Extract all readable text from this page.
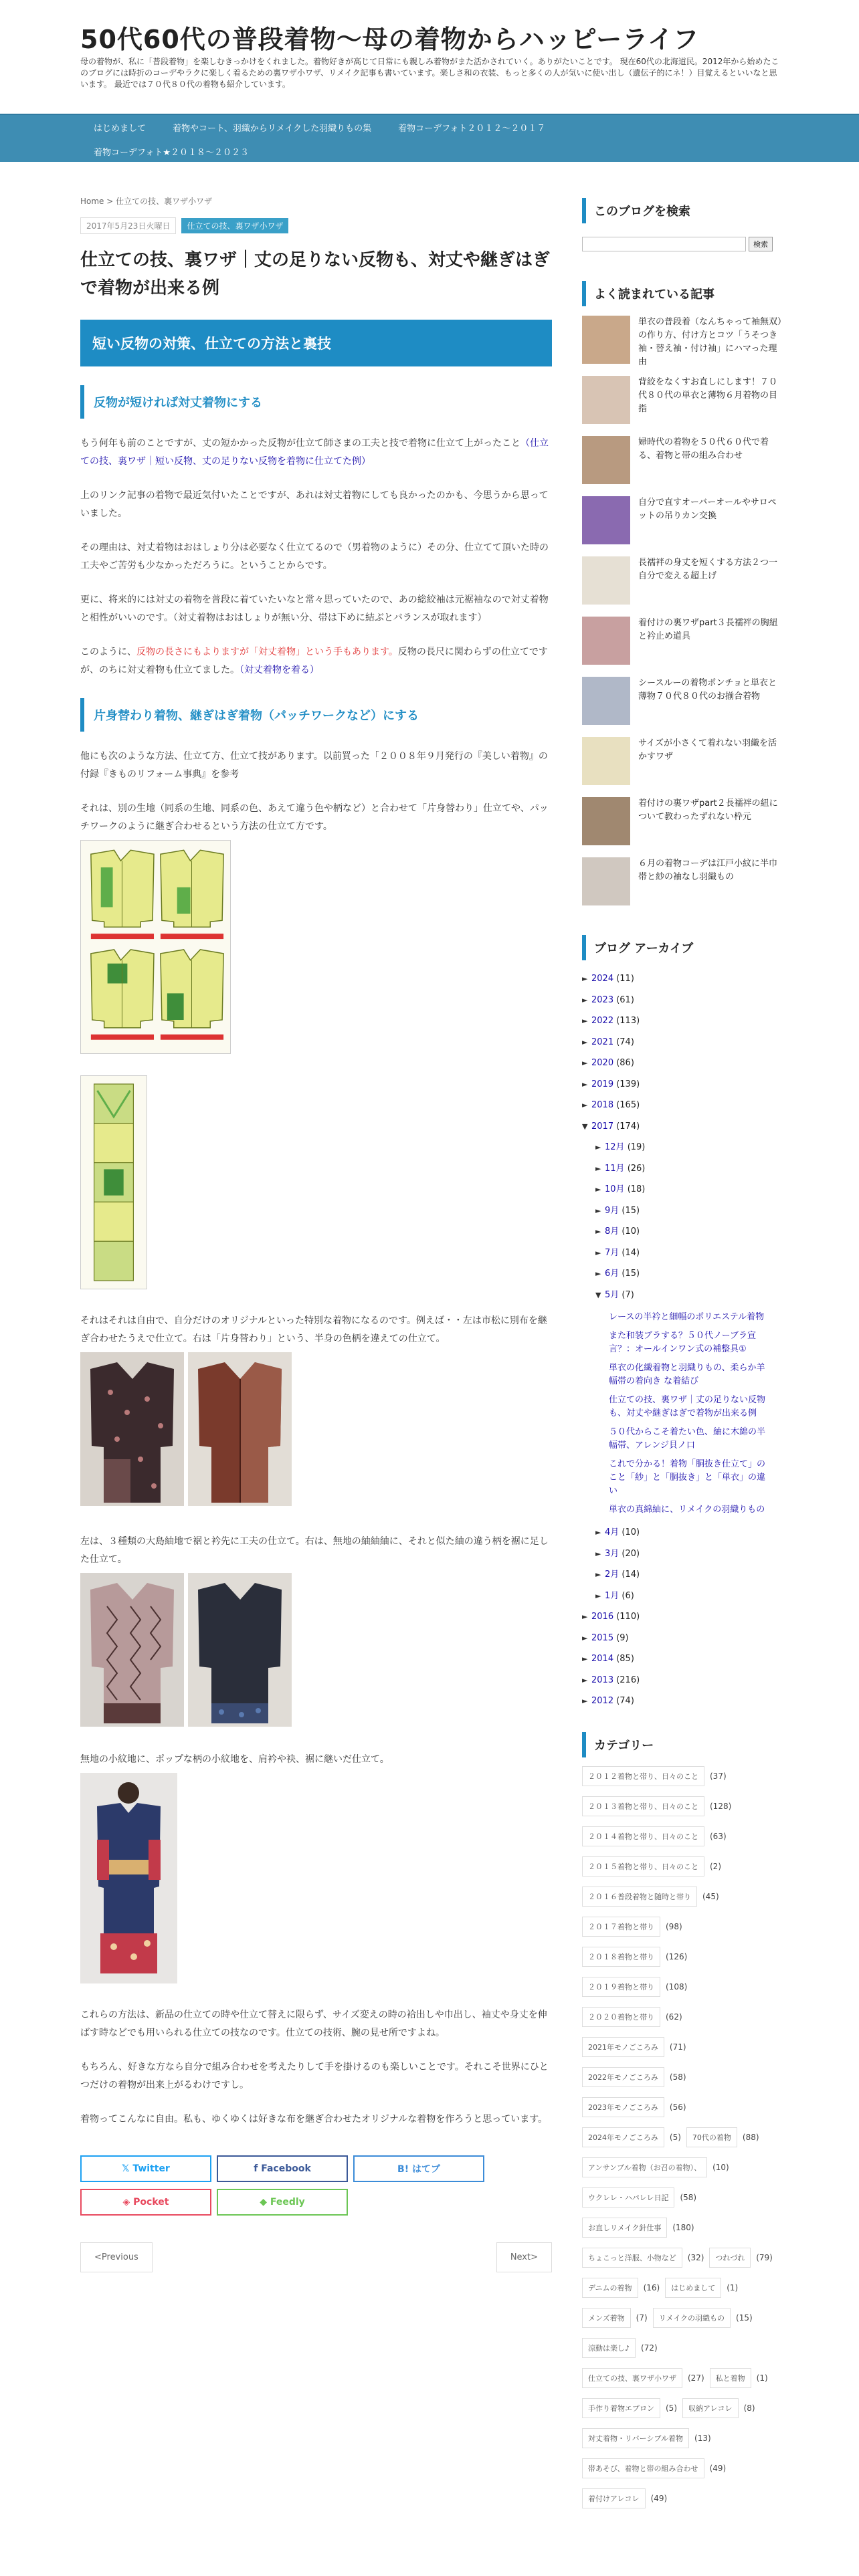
50代60代の普段着物〜母の着物からハッピーライフ
母の着物が、私に「普段着物」を楽しむきっかけをくれました。着物好きが高じて日常にも親しみ着物がまた活かされていく。ありがたいことです。 現在60代の北海道民。2012年から始めたこのブログには時折のコーデやラクに楽しく着るための裏ワザ小ワザ、リメイク記事も書いています。楽しさ和の衣装、もっと多くの人が気いに使い出し（遺伝子的にネ！）目覚えるといいなと思います。 最近では７０代８０代の着物も紹介しています。
はじめまして	着物やコート、羽織からリメイクした羽織りもの集	着物コーデフォト２０１２〜２０１７
着物コーデフォト★２０１８〜２０２３
Home > 仕立ての技、裏ワザ小ワザ
2017年5月23日火曜日	仕立ての技、裏ワザ小ワザ
仕立ての技、裏ワザ｜丈の足りない反物も、対丈や継ぎはぎで着物が出来る例
短い反物の対策、仕立ての方法と裏技
反物が短ければ対丈着物にする

もう何年も前のことですが、丈の短かかった反物が仕立て師さまの工夫と技で着物に仕立て上がったこと（仕立ての技、裏ワザ｜短い反物、丈の足りない反物を着物に仕立てた例）

上のリンク記事の着物で最近気付いたことですが、あれは対丈着物にしても良かったのかも、今思うから思っていました。

その理由は、対丈着物はおはしょり分は必要なく仕立てるので（男着物のように）その分、仕立てて頂いた時の工夫やご苦労も少なかっただろうに。ということからです。

更に、将来的には対丈の着物を普段に着ていたいなと常々思っていたので、あの総絞袖は元裾袖なので対丈着物と相性がいいのです。（対丈着物はおはしょりが無い分、帯は下めに結ぶとバランスが取れます）

このように、反物の長さにもよりますが「対丈着物」という手もあります。反物の長尺に関わらずの仕立てですが、のちに対丈着物も仕立てました。（対丈着物を着る）

片身替わり着物、継ぎはぎ着物（パッチワークなど）にする

他にも次のような方法、仕立て方、仕立て技があります。以前買った「２００８年９月発行の『美しい着物』の付録『きものリフォーム事典』を参考

それは、別の生地（同系の生地、同系の色、あえて違う色や柄など）と合わせて「片身替わり」仕立てや、パッチワークのように継ぎ合わせるという方法の仕立て方です。

それはそれは自由で、自分だけのオリジナルといった特別な着物になるのです。例えば・・左は市松に別布を継ぎ合わせたうえで仕立て。右は「片身替わり」という、半身の色柄を違えての仕立て。

左は、３種類の大島紬地で裾と衿先に工夫の仕立て。右は、無地の紬紬紬に、それと似た紬の違う柄を裾に足した仕立て。

無地の小紋地に、ポップな柄の小紋地を、肩衿や袂、裾に継いだ仕立て。

これらの方法は、新品の仕立ての時や仕立て替えに限らず、サイズ変えの時の袷出しや巾出し、袖丈や身丈を伸ばす時などでも用いられる仕立ての技なのです。仕立ての技術、腕の見せ所ですよね。

もちろん、好きな方なら自分で組み合わせを考えたりして手を掛けるのも楽しいことです。それこそ世界にひとつだけの着物が出来上がるわけですし。

着物ってこんなに自由。私も、ゆくゆくは好きな布を継ぎ合わせたオリジナルな着物を作ろうと思っています。

𝕏 Twitter	f Facebook	B! はてブ
◈ Pocket	◆ Feedly
<Previous	Next>
このブログを検索
検索
よく読まれている記事
単衣の普段着（なんちゃって袖無双）の作り方、付け方とコツ「うそつき袖・替え袖・付け袖」にハマった理由
背絞をなくすお直しにします！７０代８０代の単衣と薄物６月着物の目指
婦時代の着物を５０代６０代で着る、着物と帯の組み合わせ
自分で直すオーバーオールやサロペットの吊りカン交換
長襦袢の身丈を短くする方法２つ一自分で変える超上げ
着付けの裏ワザpart３長襦袢の胸紐と衿止め道具
シースルーの着物ポンチョと単衣と薄物７０代８０代のお揃合着物
サイズが小さくて着れない羽織を活かすワザ
着付けの裏ワザpart２長襦袢の紐について教わったずれない枠元
６月の着物コーデは江戸小紋に半巾帯と紗の袖なし羽織もの
ブログ アーカイブ
► 2024 (11)
► 2023 (61)
► 2022 (113)
► 2021 (74)
► 2020 (86)
► 2019 (139)
► 2018 (165)
▼ 2017 (174)
► 12月 (19)
► 11月 (26)
► 10月 (18)
► 9月 (15)
► 8月 (10)
► 7月 (14)
► 6月 (15)
▼ 5月 (7)
レースの半衿と細幅のポリエステル着物
また和装ブラする？５０代ノーブラ宣言？：オールインワン式の補整具①
単衣の化繊着物と羽織りもの、柔らか羊幅帯の着向き な着結び
仕立ての技、裏ワザ｜丈の足りない反物も、対丈や継ぎはぎで着物が出来る例
５０代からこそ着たい色、紬に木綿の半幅帯、アレンジ貝ノ口
これで分かる！着物「胴抜き仕立て」のこと「紗」と「胴抜き」と「単衣」の違い
単衣の真綿紬に、リメイクの羽織りもの
► 4月 (10)
► 3月 (20)
► 2月 (14)
► 1月 (6)
► 2016 (110)
► 2015 (9)
► 2014 (85)
► 2013 (216)
► 2012 (74)
カテゴリー
２０１２着物と帯り、日々のこと	(37)
２０１３着物と帯り、日々のこと	(128)
２０１４着物と帯り、日々のこと	(63)
２０１５着物と帯り、日々のこと	(2)
２０１６普段着物と随時と帯り	(45)
２０１７着物と帯り	(98)
２０１８着物と帯り	(126)
２０１９着物と帯り	(108)
２０２０着物と帯り	(62)
2021年モノごころみ	(71)
2022年モノごころみ	(58)
2023年モノごころみ	(56)
2024年モノごころみ	(5)	70代の着物	(88)
アンサンブル着物（お召の着物）、	(10)
ウクレレ・ハパレレ日記	(58)
お直しリメイク針仕事	(180)
ちょこっと洋服、小物など	(32)	つれづれ	(79)
デニムの着物	(16)	はじめまして	(1)
メンズ着物	(7)	リメイクの羽織もの	(15)
涼動は楽し♪	(72)
仕立ての技、裏ワザ小ワザ	(27)	私と着物	(1)
手作り着物エプロン	(5)	収納アレコレ	(8)
対丈着物・リバーシブル着物	(13)
帯あそび、着物と帯の組み合わせ	(49)
着付けアレコレ	(49)
